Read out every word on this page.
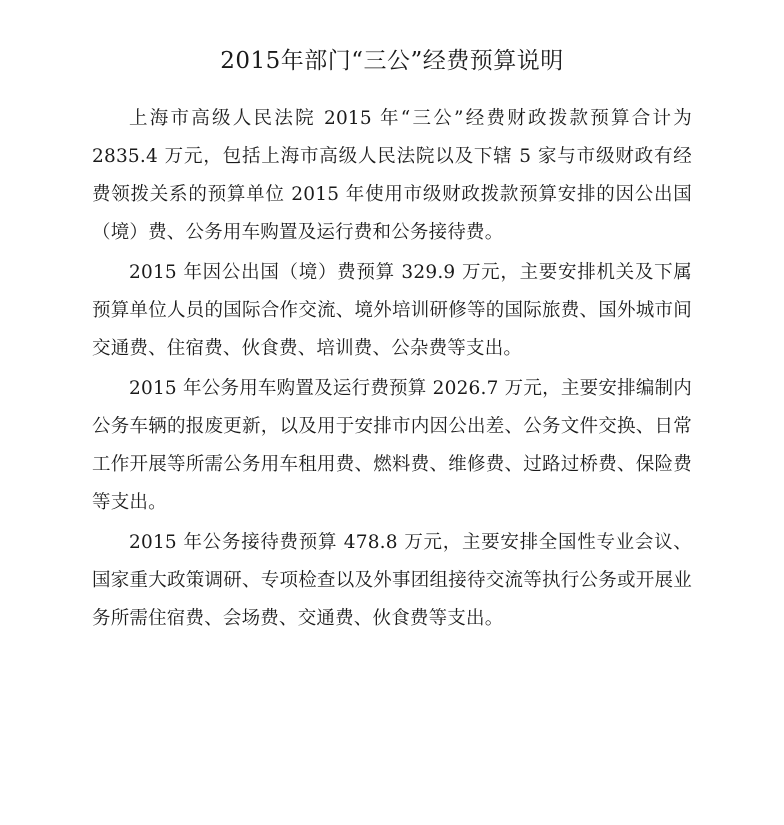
2015年部门“三公”经费预算说明

上海市高级人民法院 2015 年“三公”经费财政拨款预算合计为 2835.4 万元，包括上海市高级人民法院以及下辖 5 家与市级财政有经费领拨关系的预算单位 2015 年使用市级财政拨款预算安排的因公出国（境）费、公务用车购置及运行费和公务接待费。

2015 年因公出国（境）费预算 329.9 万元，主要安排机关及下属预算单位人员的国际合作交流、境外培训研修等的国际旅费、国外城市间交通费、住宿费、伙食费、培训费、公杂费等支出。

2015 年公务用车购置及运行费预算 2026.7 万元，主要安排编制内公务车辆的报废更新，以及用于安排市内因公出差、公务文件交换、日常工作开展等所需公务用车租用费、燃料费、维修费、过路过桥费、保险费等支出。

2015 年公务接待费预算 478.8 万元，主要安排全国性专业会议、国家重大政策调研、专项检查以及外事团组接待交流等执行公务或开展业务所需住宿费、会场费、交通费、伙食费等支出。
